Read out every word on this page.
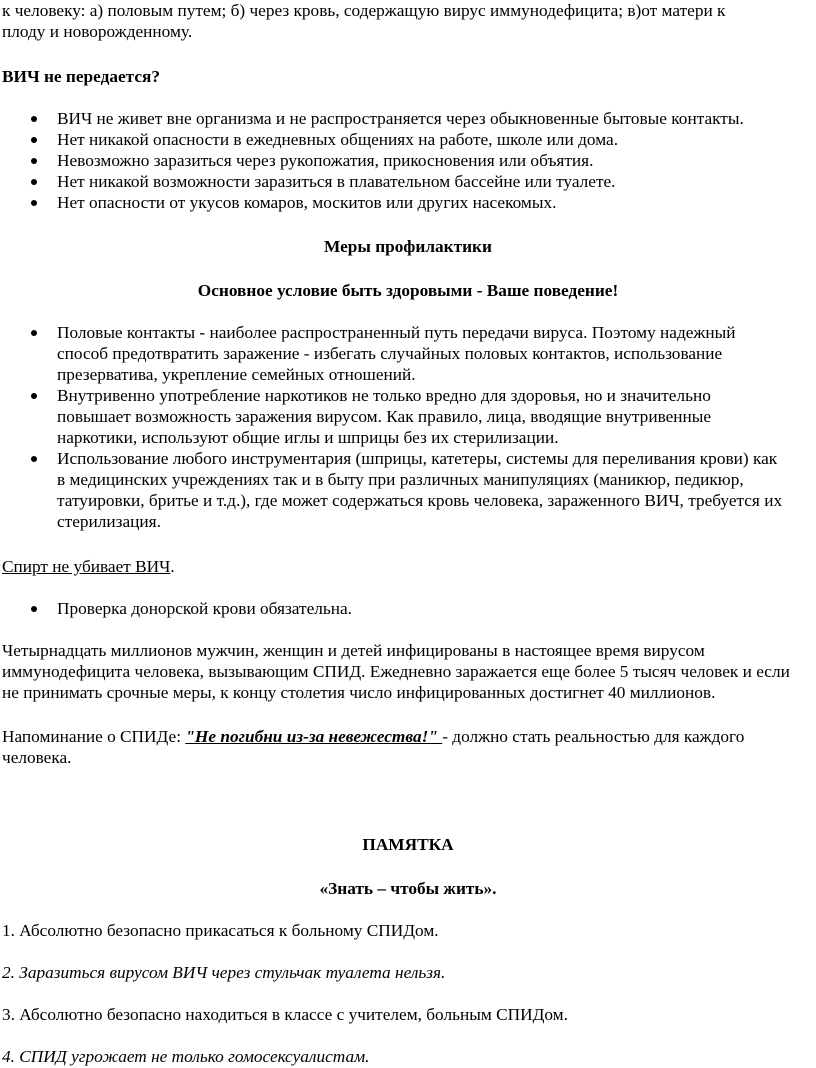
к человеку: а) половым путем; б) через кровь, содержащую вирус иммунодефицита; в)от матери к

плоду и новорожденному.

ВИЧ не передается?

ВИЧ не живет вне организма и не распространяется через обыкновенные бытовые контакты.
Нет никакой опасности в ежедневных общениях на работе, школе или дома.
Невозможно заразиться через рукопожатия, прикосновения или объятия.
Нет никакой возможности заразиться в плавательном бассейне или туалете.
Нет опасности от укусов комаров, москитов или других насекомых.

Меры профилактики

Основное условие быть здоровыми - Ваше поведение!

Половые контакты - наиболее распространенный путь передачи вируса. Поэтому надежный способ предотвратить заражение - избегать случайных половых контактов, использование презерватива, укрепление семейных отношений.
Внутривенно употребление наркотиков не только вредно для здоровья, но и значительно повышает возможность заражения вирусом. Как правило, лица, вводящие внутривенные наркотики, используют общие иглы и шприцы без их стерилизации.
Использование любого инструментария (шприцы, катетеры, системы для переливания крови) как в медицинских учреждениях так и в быту при различных манипуляциях (маникюр, педикюр, татуировки, бритье и т.д.), где может содержаться кровь человека, зараженного ВИЧ, требуется их стерилизация.

Спирт не убивает ВИЧ.

Проверка донорской крови обязательна.

Четырнадцать миллионов мужчин, женщин и детей инфицированы в настоящее время вирусом иммунодефицита человека, вызывающим СПИД. Ежедневно заражается еще более 5 тысяч человек и если не принимать срочные меры, к концу столетия число инфицированных достигнет 40 миллионов.

Напоминание о СПИДе: "Не погибни из-за невежества!" - должно стать реальностью для каждого человека.

ПАМЯТКА

«Знать – чтобы жить».

1. Абсолютно безопасно прикасаться к больному СПИДом.

2. Заразиться вирусом ВИЧ через стульчак туалета нельзя.

3. Абсолютно безопасно находиться в классе с учителем, больным СПИДом.

4. СПИД угрожает не только гомосексуалистам.
